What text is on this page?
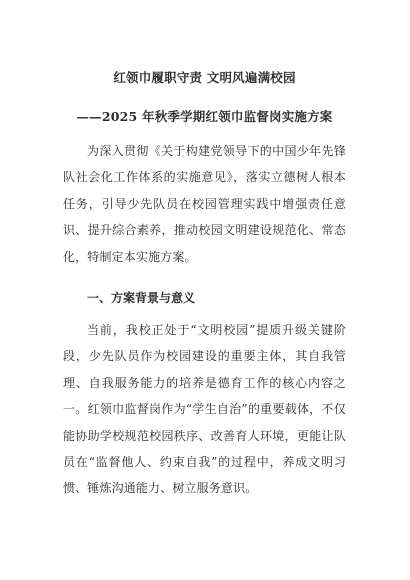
红领巾履职守责 文明风遍满校园
——2025 年秋季学期红领巾监督岗实施方案

为深入贯彻《关于构建党领导下的中国少年先锋队社会化工作体系的实施意见》，落实立德树人根本任务，引导少先队员在校园管理实践中增强责任意识、提升综合素养，推动校园文明建设规范化、常态化，特制定本实施方案。

一、方案背景与意义

当前，我校正处于“文明校园”提质升级关键阶段，少先队员作为校园建设的重要主体，其自我管理、自我服务能力的培养是德育工作的核心内容之一。红领巾监督岗作为“学生自治”的重要载体，不仅能协助学校规范校园秩序、改善育人环境，更能让队员在“监督他人、约束自我”的过程中，养成文明习惯、锤炼沟通能力、树立服务意识。
